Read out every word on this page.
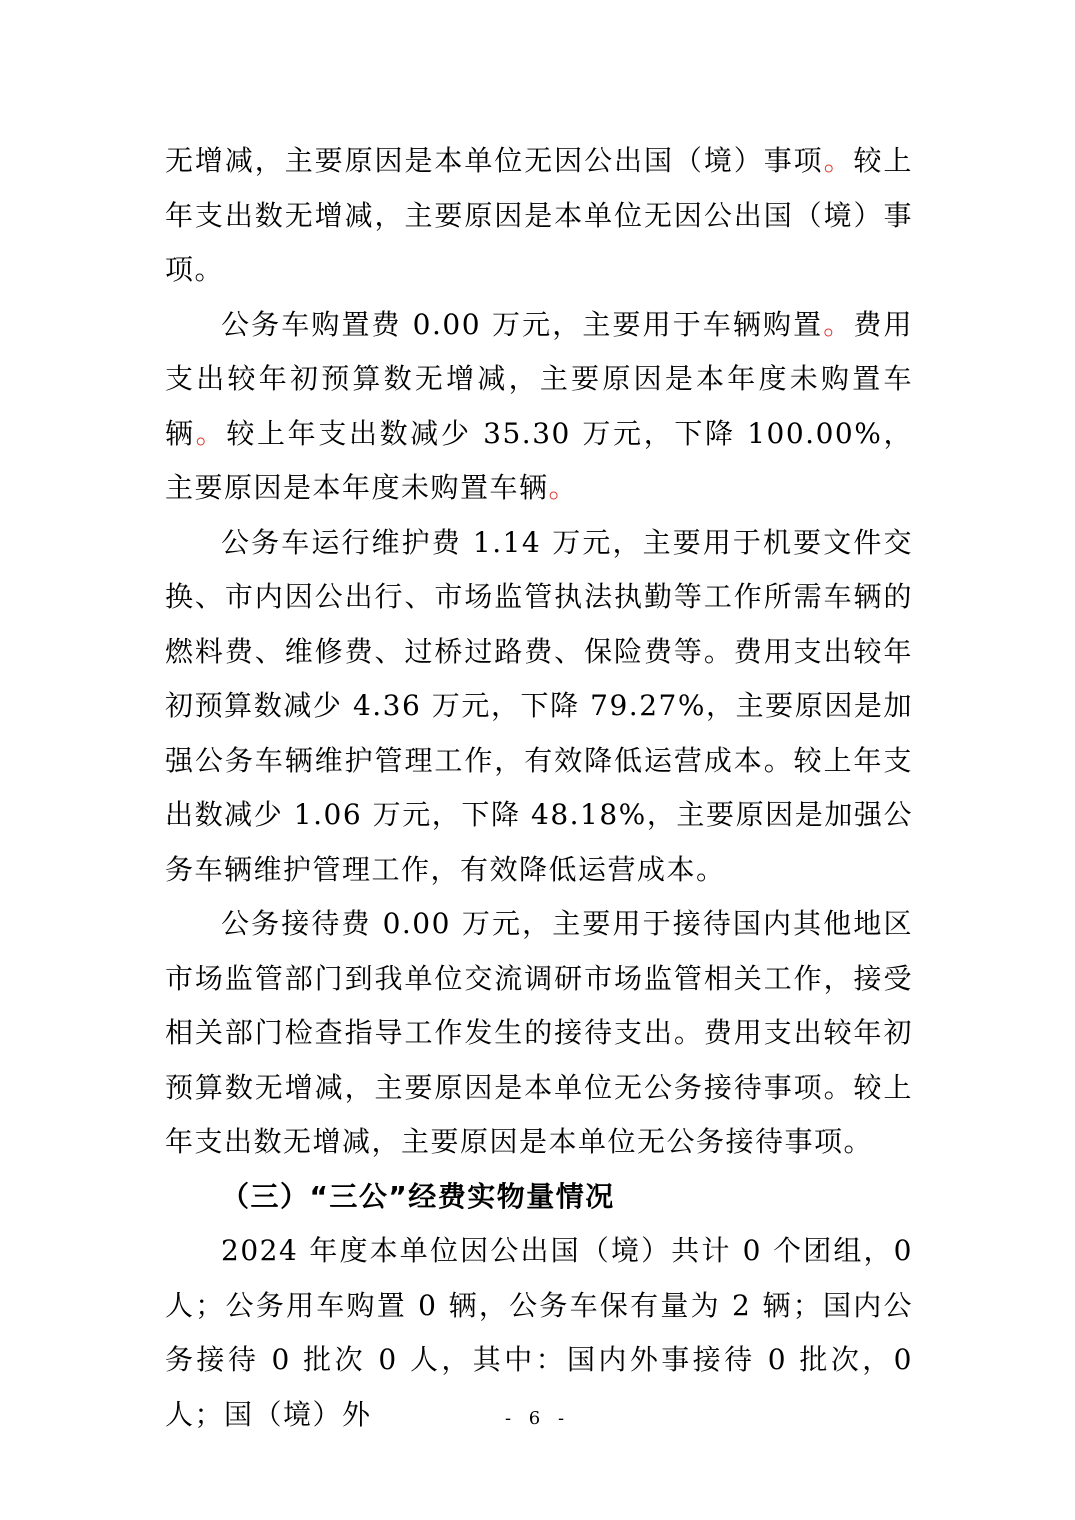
无增减，主要原因是本单位无因公出国（境）事项。较上年支出数无增减，主要原因是本单位无因公出国（境）事项。

公务车购置费 0.00 万元，主要用于车辆购置。费用支出较年初预算数无增减，主要原因是本年度未购置车辆。较上年支出数减少 35.30 万元，下降 100.00%，主要原因是本年度未购置车辆。

公务车运行维护费 1.14 万元，主要用于机要文件交换、市内因公出行、市场监管执法执勤等工作所需车辆的燃料费、维修费、过桥过路费、保险费等。费用支出较年初预算数减少 4.36 万元，下降 79.27%，主要原因是加强公务车辆维护管理工作，有效降低运营成本。较上年支出数减少 1.06 万元，下降 48.18%，主要原因是加强公务车辆维护管理工作，有效降低运营成本。

公务接待费 0.00 万元，主要用于接待国内其他地区市场监管部门到我单位交流调研市场监管相关工作，接受相关部门检查指导工作发生的接待支出。费用支出较年初预算数无增减，主要原因是本单位无公务接待事项。较上年支出数无增减，主要原因是本单位无公务接待事项。

（三）“三公”经费实物量情况

2024 年度本单位因公出国（境）共计 0 个团组，0 人；公务用车购置 0 辆，公务车保有量为 2 辆；国内公务接待 0 批次 0 人，其中：国内外事接待 0 批次，0 人；国（境）外	- 6 -
